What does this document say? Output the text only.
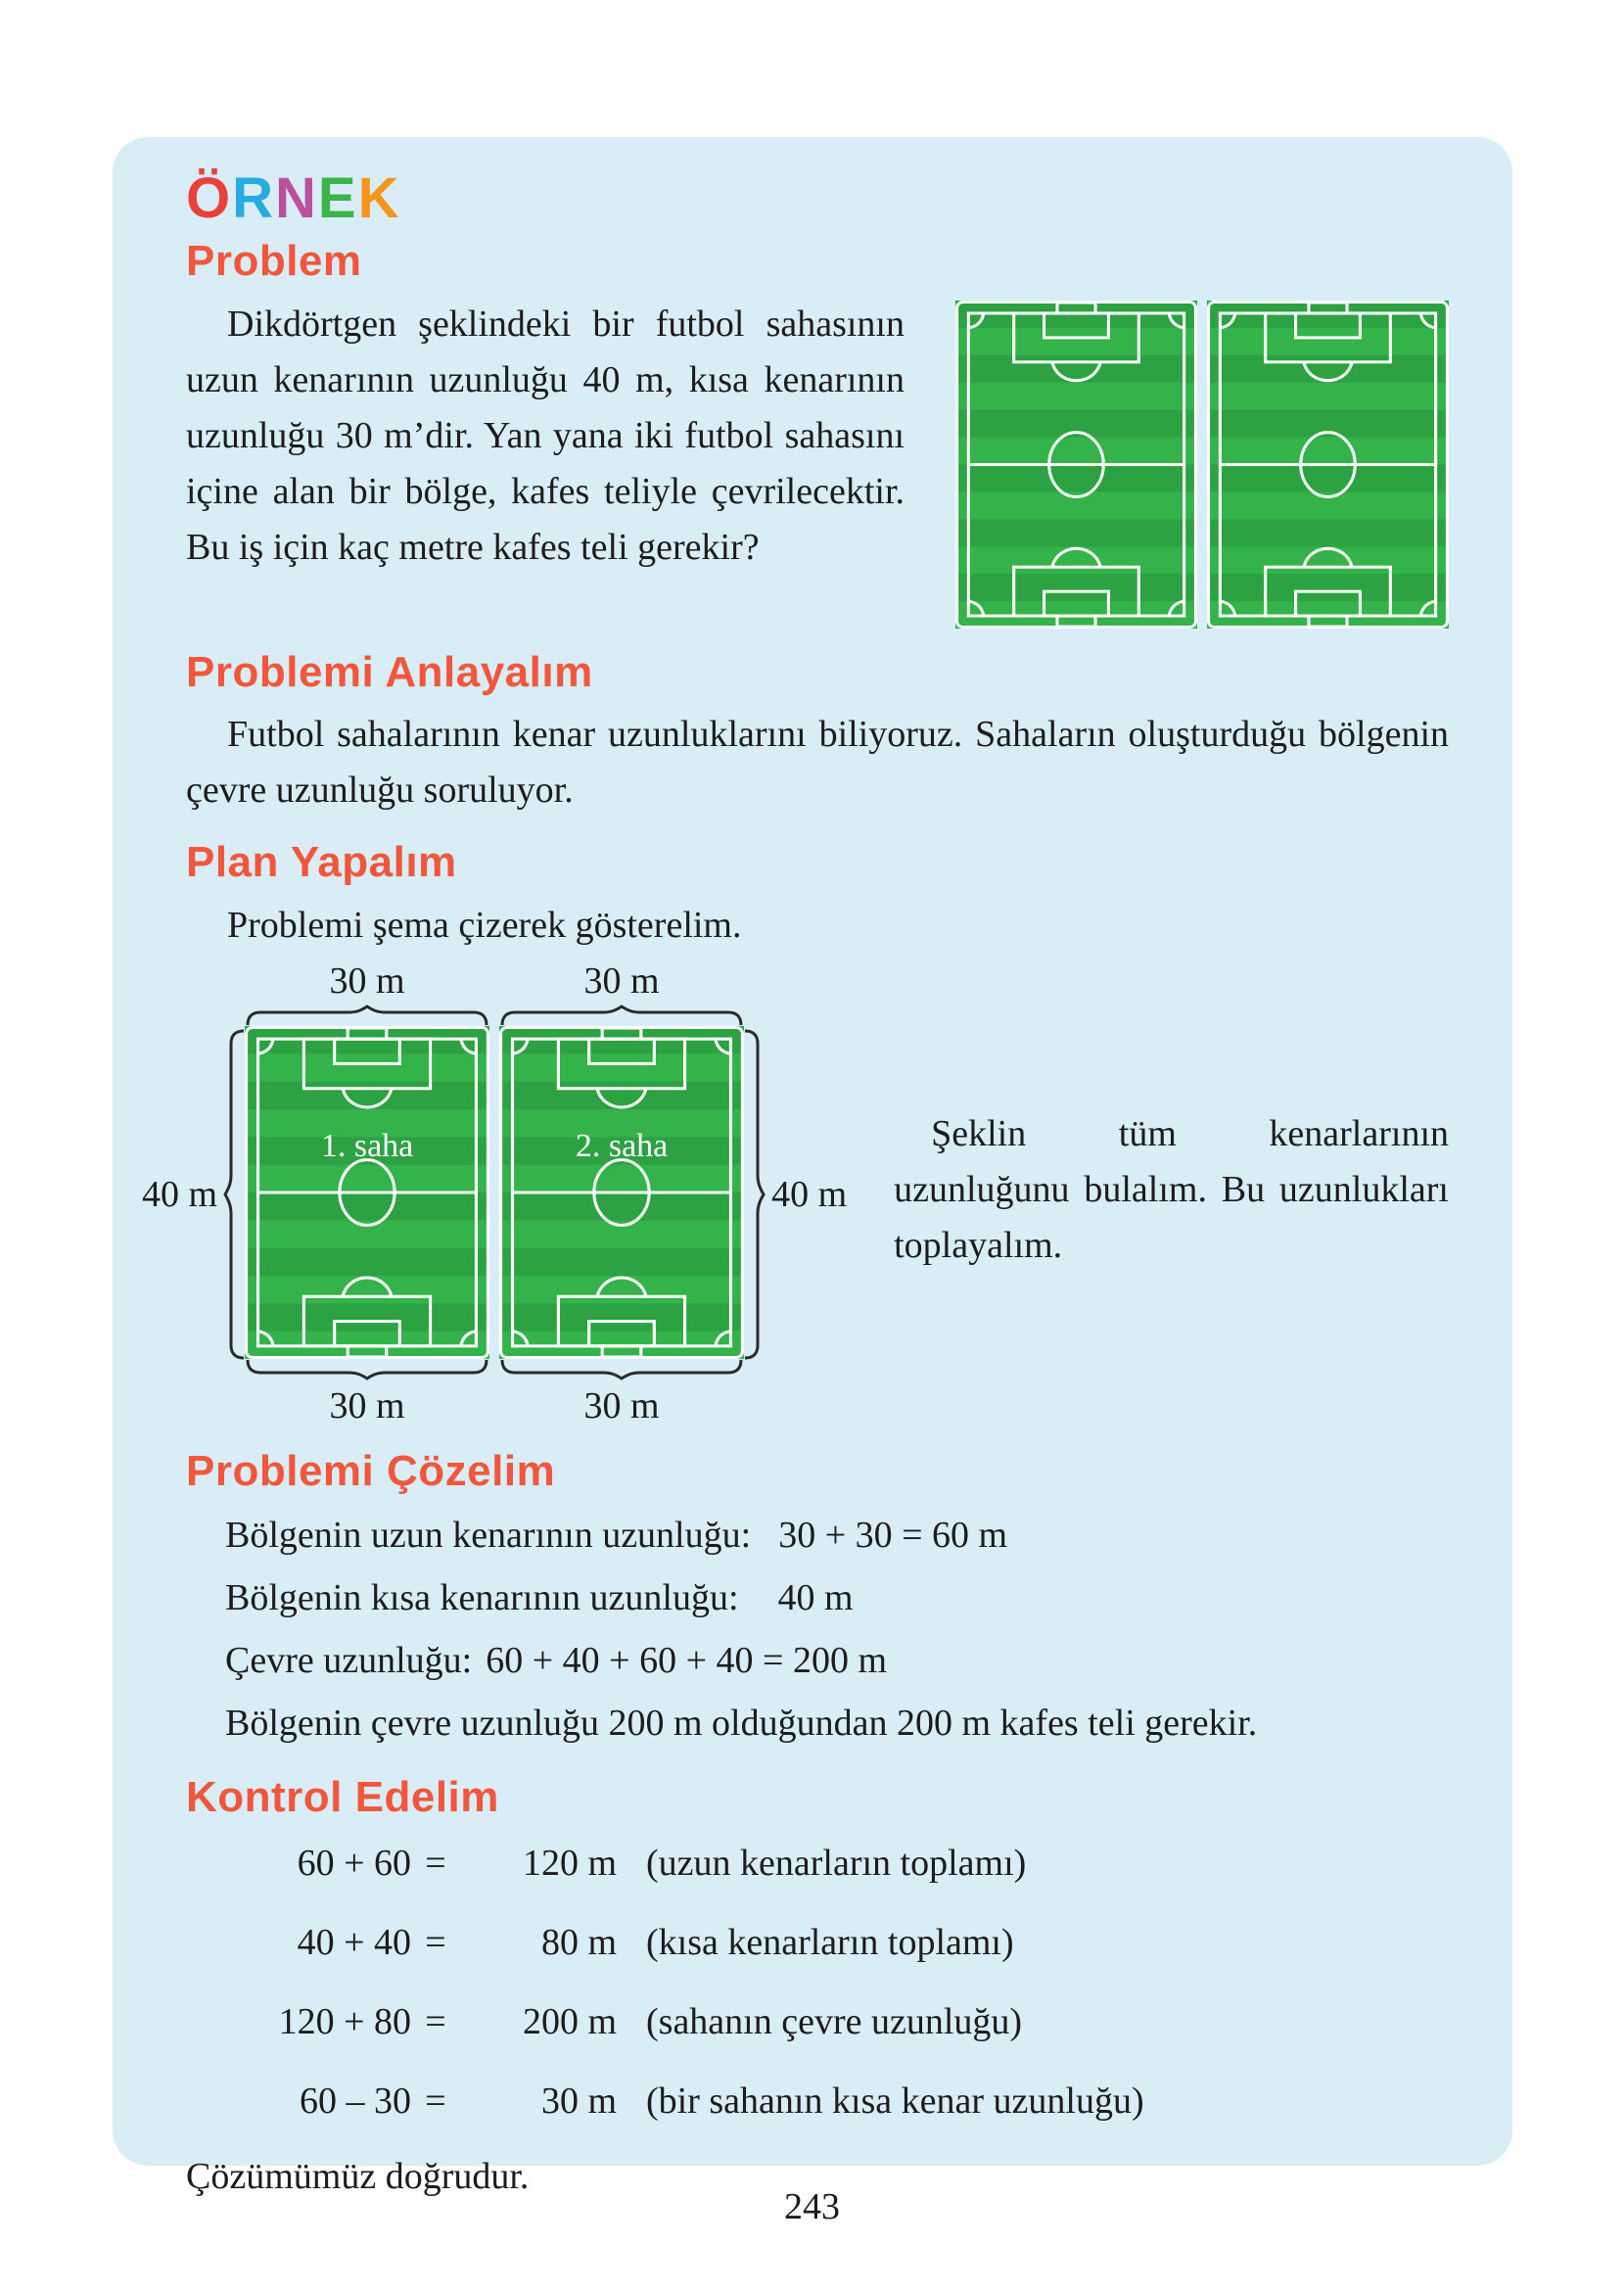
ÖRNEK
Problem

Dikdörtgen şeklindeki bir futbol sahasının uzun kenarının uzunluğu 40 m, kısa kenarının uzunluğu 30 m’dir. Yan yana iki futbol sahasını içine alan bir bölge, kafes teliyle çevrilecektir. Bu iş için kaç metre kafes teli gerekir?

Problemi Anlayalım

Futbol sahalarının kenar uzunluklarını biliyoruz. Sahaların oluşturduğu bölgenin çevre uzunluğu soruluyor.

Plan Yapalım

Problemi şema çizerek gösterelim.

40 m
30 m
1. saha
30 m
30 m
2. saha
30 m
40 m

Şeklin tüm kenarlarının uzunluğunu bulalım. Bu uzunlukları toplayalım.

Problemi Çözelim

Bölgenin uzun kenarının uzunluğu: 30 + 30 = 60 m

Bölgenin kısa kenarının uzunluğu: 40 m

Çevre uzunluğu: 60 + 40 + 60 + 40 = 200 m

Bölgenin çevre uzunluğu 200 m olduğundan 200 m kafes teli gerekir.

Kontrol Edelim
60 + 60 =	120 m (uzun kenarların toplamı)
40 + 40 =	80 m (kısa kenarların toplamı)
120 + 80 =	200 m (sahanın çevre uzunluğu)
60 – 30 =	30 m (bir sahanın kısa kenar uzunluğu)

Çözümümüz doğrudur.

243
